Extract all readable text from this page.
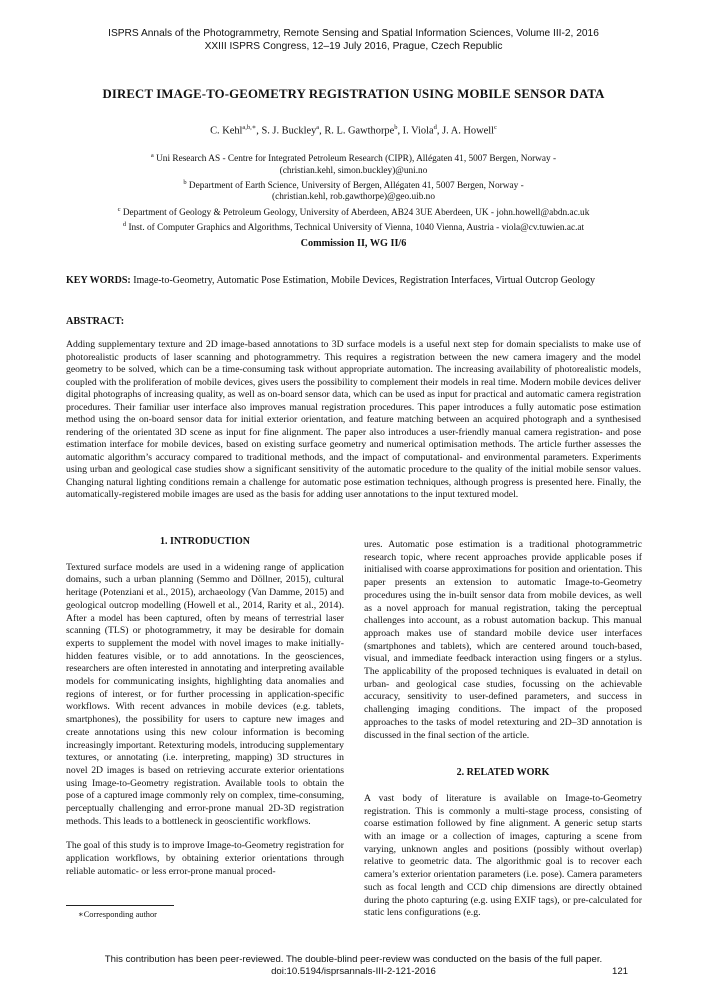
ISPRS Annals of the Photogrammetry, Remote Sensing and Spatial Information Sciences, Volume III-2, 2016
XXIII ISPRS Congress, 12–19 July 2016, Prague, Czech Republic
DIRECT IMAGE-TO-GEOMETRY REGISTRATION USING MOBILE SENSOR DATA
C. Kehl$^{a,b,∗}$, S. J. Buckley$^a$, R. L. Gawthorpe$^b$, I. Viola$^d$, J. A. Howell$^c$
$^a$ Uni Research AS - Centre for Integrated Petroleum Research (CIPR), Allégaten 41, 5007 Bergen, Norway -
(christian.kehl, simon.buckley)@uni.no
$^b$ Department of Earth Science, University of Bergen, Allégaten 41, 5007 Bergen, Norway -
(christian.kehl, rob.gawthorpe)@geo.uib.no
$^c$ Department of Geology & Petroleum Geology, University of Aberdeen, AB24 3UE Aberdeen, UK - john.howell@abdn.ac.uk
$^d$ Inst. of Computer Graphics and Algorithms, Technical University of Vienna, 1040 Vienna, Austria - viola@cv.tuwien.ac.at
Commission II, WG II/6
KEY WORDS: Image-to-Geometry, Automatic Pose Estimation, Mobile Devices, Registration Interfaces, Virtual Outcrop Geology
ABSTRACT:
Adding supplementary texture and 2D image-based annotations to 3D surface models is a useful next step for domain specialists to make use of photorealistic products of laser scanning and photogrammetry. This requires a registration between the new camera imagery and the model geometry to be solved, which can be a time-consuming task without appropriate automation. The increasing availability of photorealistic models, coupled with the proliferation of mobile devices, gives users the possibility to complement their models in real time. Modern mobile devices deliver digital photographs of increasing quality, as well as on-board sensor data, which can be used as input for practical and automatic camera registration procedures. Their familiar user interface also improves manual registration procedures. This paper introduces a fully automatic pose estimation method using the on-board sensor data for initial exterior orientation, and feature matching between an acquired photograph and a synthesised rendering of the orientated 3D scene as input for fine alignment. The paper also introduces a user-friendly manual camera registration- and pose estimation interface for mobile devices, based on existing surface geometry and numerical optimisation methods. The article further assesses the automatic algorithm’s accuracy compared to traditional methods, and the impact of computational- and environmental parameters. Experiments using urban and geological case studies show a significant sensitivity of the automatic procedure to the quality of the initial mobile sensor values. Changing natural lighting conditions remain a challenge for automatic pose estimation techniques, although progress is presented here. Finally, the automatically-registered mobile images are used as the basis for adding user annotations to the input textured model.
1. INTRODUCTION

Textured surface models are used in a widening range of application domains, such a urban planning (Semmo and Döllner, 2015), cultural heritage (Potenziani et al., 2015), archaeology (Van Damme, 2015) and geological outcrop modelling (Howell et al., 2014, Rarity et al., 2014). After a model has been captured, often by means of terrestrial laser scanning (TLS) or photogrammetry, it may be desirable for domain experts to supplement the model with novel images to make initially-hidden features visible, or to add annotations. In the geosciences, researchers are often interested in annotating and interpreting available models for communicating insights, highlighting data anomalies and regions of interest, or for further processing in application-specific workflows. With recent advances in mobile devices (e.g. tablets, smartphones), the possibility for users to capture new images and create annotations using this new colour information is becoming increasingly important. Retexturing models, introducing supplementary textures, or annotating (i.e. interpreting, mapping) 3D structures in novel 2D images is based on retrieving accurate exterior orientations using Image-to-Geometry registration. Available tools to obtain the pose of a captured image commonly rely on complex, time-consuming, perceptually challenging and error-prone manual 2D-3D registration methods. This leads to a bottleneck in geoscientific workflows.

The goal of this study is to improve Image-to-Geometry registration for application workflows, by obtaining exterior orientations through reliable automatic- or less error-prone manual proced-

∗Corresponding author

ures. Automatic pose estimation is a traditional photogrammetric research topic, where recent approaches provide applicable poses if initialised with coarse approximations for position and orientation. This paper presents an extension to automatic Image-to-Geometry procedures using the in-built sensor data from mobile devices, as well as a novel approach for manual registration, taking the perceptual challenges into account, as a robust automation backup. This manual approach makes use of standard mobile device user interfaces (smartphones and tablets), which are centered around touch-based, visual, and immediate feedback interaction using fingers or a stylus. The applicability of the proposed techniques is evaluated in detail on urban- and geological case studies, focussing on the achievable accuracy, sensitivity to user-defined parameters, and success in challenging imaging conditions. The impact of the proposed approaches to the tasks of model retexturing and 2D–3D annotation is discussed in the final section of the article.

2. RELATED WORK

A vast body of literature is available on Image-to-Geometry registration. This is commonly a multi-stage process, consisting of coarse estimation followed by fine alignment. A generic setup starts with an image or a collection of images, capturing a scene from varying, unknown angles and positions (possibly without overlap) relative to geometric data. The algorithmic goal is to recover each camera’s exterior orientation parameters (i.e. pose). Camera parameters such as focal length and CCD chip dimensions are directly obtained during the photo capturing (e.g. using EXIF tags), or pre-calculated for static lens configurations (e.g.

This contribution has been peer-reviewed. The double-blind peer-review was conducted on the basis of the full paper.
doi:10.5194/isprsannals-III-2-121-2016	121
